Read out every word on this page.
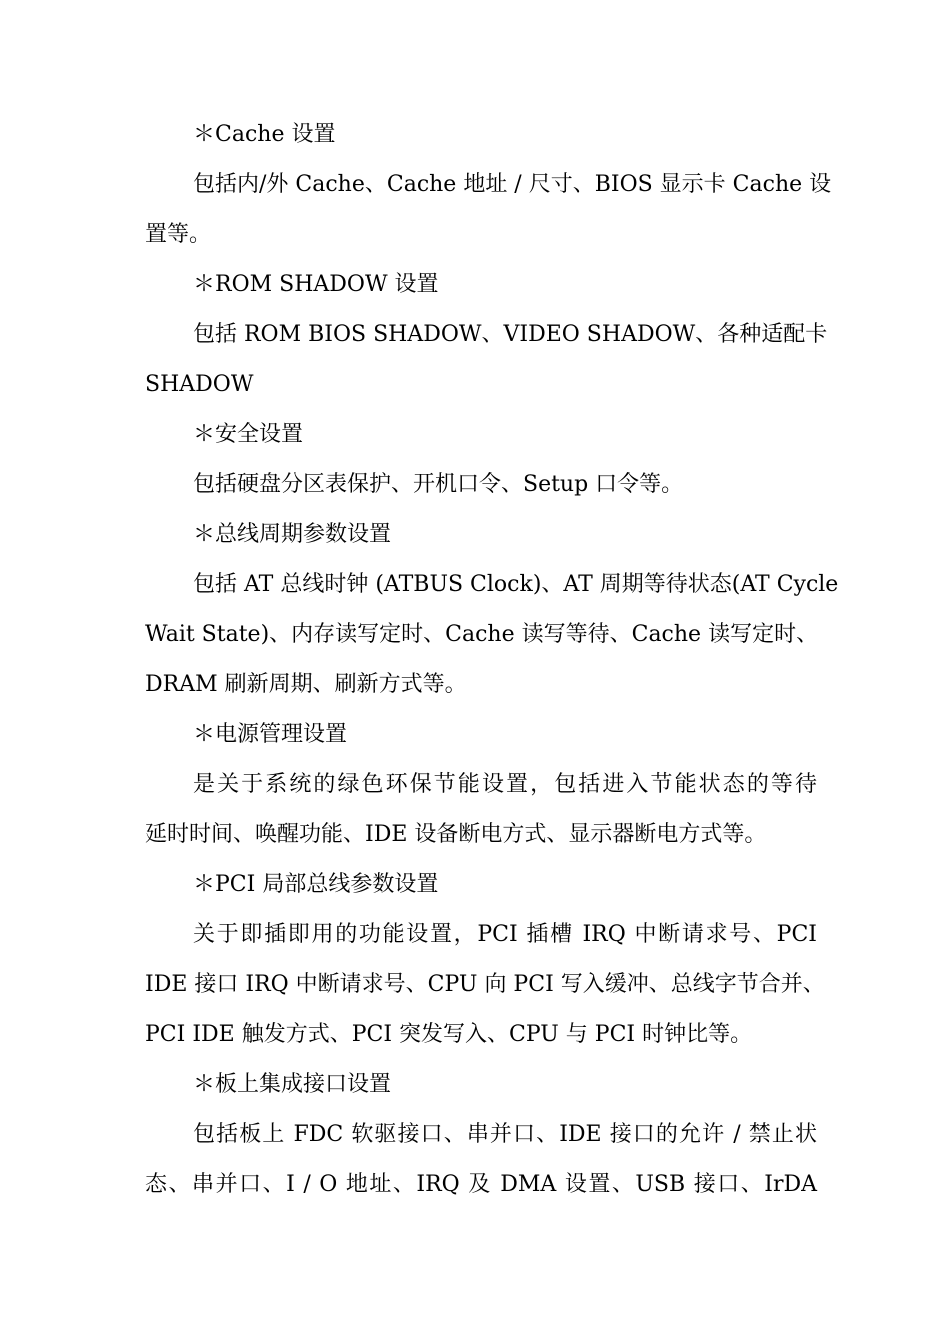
＊Cache 设置
包括内/外 Cache、Cache 地址 / 尺寸、BIOS 显示卡 Cache 设
置等。
＊ROM SHADOW 设置
包括 ROM BIOS SHADOW、VIDEO SHADOW、各种适配卡
SHADOW
＊安全设置
包括硬盘分区表保护、开机口令、Setup 口令等。
＊总线周期参数设置
包括 AT 总线时钟 (ATBUS Clock)、AT 周期等待状态(AT Cycle
Wait State)、内存读写定时、Cache 读写等待、Cache 读写定时、
DRAM 刷新周期、刷新方式等。
＊电源管理设置
是关于系统的绿色环保节能设置，包括进入节能状态的等待
延时时间、唤醒功能、IDE 设备断电方式、显示器断电方式等。
＊PCI 局部总线参数设置
关于即插即用的功能设置，PCI 插槽 IRQ 中断请求号、PCI
IDE 接口 IRQ 中断请求号、CPU 向 PCI 写入缓冲、总线字节合并、
PCI IDE 触发方式、PCI 突发写入、CPU 与 PCI 时钟比等。
＊板上集成接口设置
包括板上 FDC 软驱接口、串并口、IDE 接口的允许 / 禁止状
态、串并口、I / O 地址、IRQ 及 DMA 设置、USB 接口、IrDA
